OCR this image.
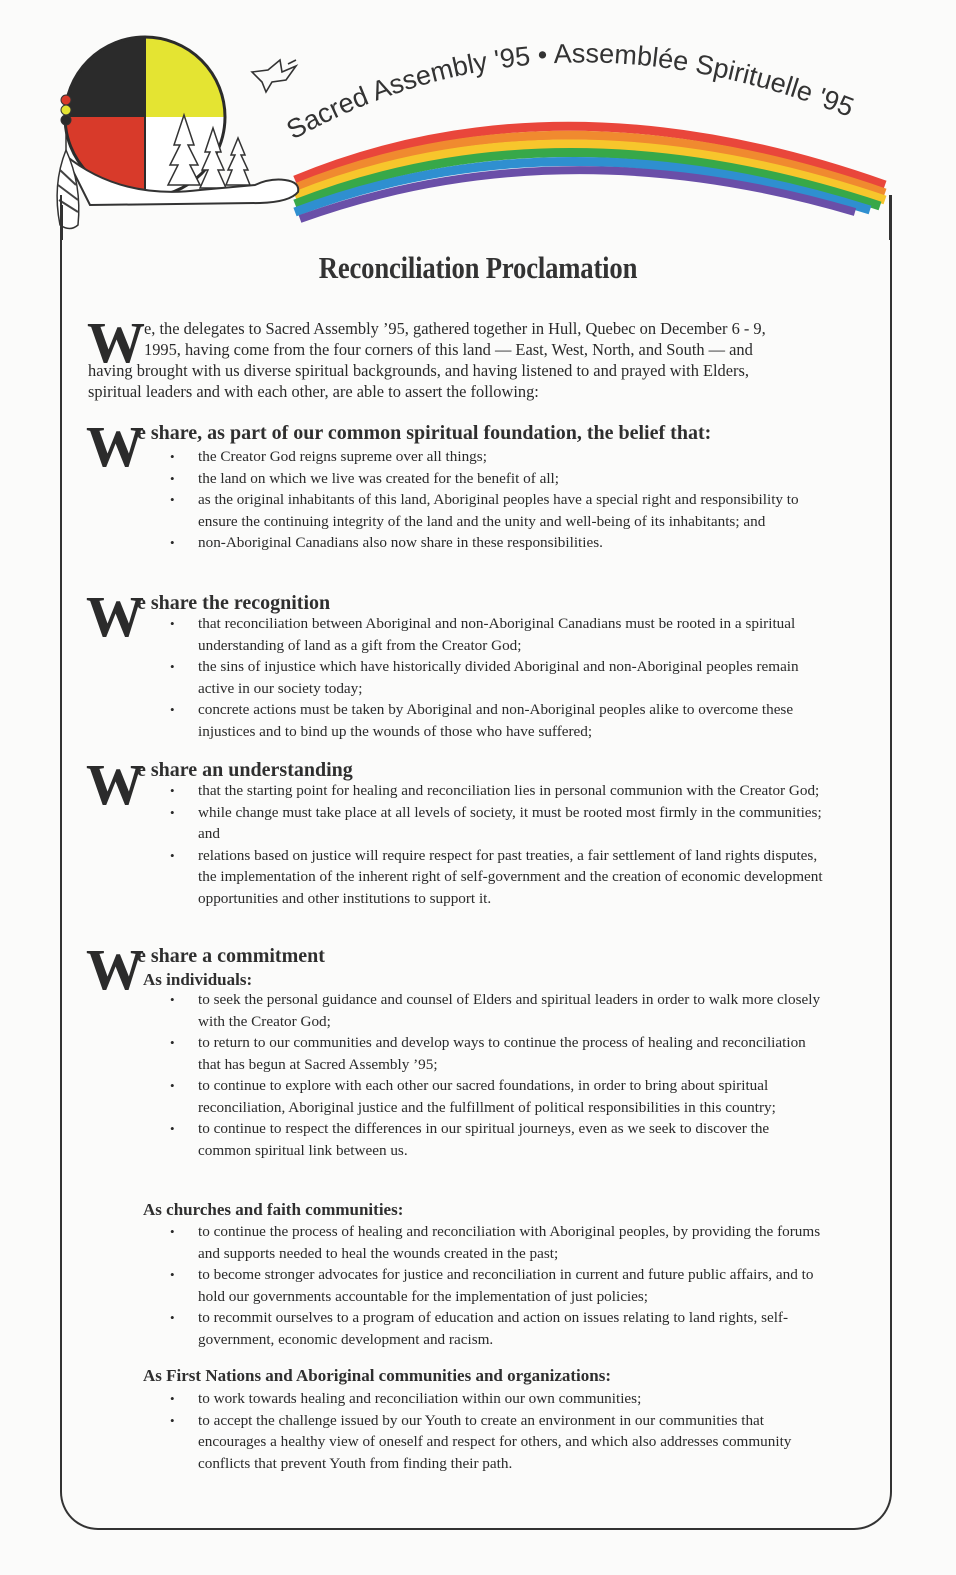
Sacred Assembly '95 • Assemblée Spirituelle '95
Reconciliation Proclamation
W e, the delegates to Sacred Assembly ’95, gathered together in Hull, Quebec on December 6 - 9,
1995, having come from the four corners of this land — East, West, North, and South — and
having brought with us diverse spiritual backgrounds, and having listened to and prayed with Elders,
spiritual leaders and with each other, are able to assert the following:
W
e share, as part of our common spiritual foundation, the belief that:
• the Creator God reigns supreme over all things;
• the land on which we live was created for the benefit of all;
• as the original inhabitants of this land, Aboriginal peoples have a special right and responsibility to ensure the continuing integrity of the land and the unity and well-being of its inhabitants; and
• non-Aboriginal Canadians also now share in these responsibilities.
W
e share the recognition
• that reconciliation between Aboriginal and non-Aboriginal Canadians must be rooted in a spiritual understanding of land as a gift from the Creator God;
• the sins of injustice which have historically divided Aboriginal and non-Aboriginal peoples remain active in our society today;
• concrete actions must be taken by Aboriginal and non-Aboriginal peoples alike to overcome these injustices and to bind up the wounds of those who have suffered;
W
e share an understanding
• that the starting point for healing and reconciliation lies in personal communion with the Creator God;
• while change must take place at all levels of society, it must be rooted most firmly in the communities; and
• relations based on justice will require respect for past treaties, a fair settlement of land rights disputes, the implementation of the inherent right of self-government and the creation of economic development opportunities and other institutions to support it.
W
e share a commitment
As individuals:
• to seek the personal guidance and counsel of Elders and spiritual leaders in order to walk more closely with the Creator God;
• to return to our communities and develop ways to continue the process of healing and reconciliation that has begun at Sacred Assembly ’95;
• to continue to explore with each other our sacred foundations, in order to bring about spiritual reconciliation, Aboriginal justice and the fulfillment of political responsibilities in this country;
• to continue to respect the differences in our spiritual journeys, even as we seek to discover the common spiritual link between us.
As churches and faith communities:
• to continue the process of healing and reconciliation with Aboriginal peoples, by providing the forums and supports needed to heal the wounds created in the past;
• to become stronger advocates for justice and reconciliation in current and future public affairs, and to hold our governments accountable for the implementation of just policies;
• to recommit ourselves to a program of education and action on issues relating to land rights, self-government, economic development and racism.
As First Nations and Aboriginal communities and organizations:
• to work towards healing and reconciliation within our own communities;
• to accept the challenge issued by our Youth to create an environment in our communities that encourages a healthy view of oneself and respect for others, and which also addresses community conflicts that prevent Youth from finding their path.
